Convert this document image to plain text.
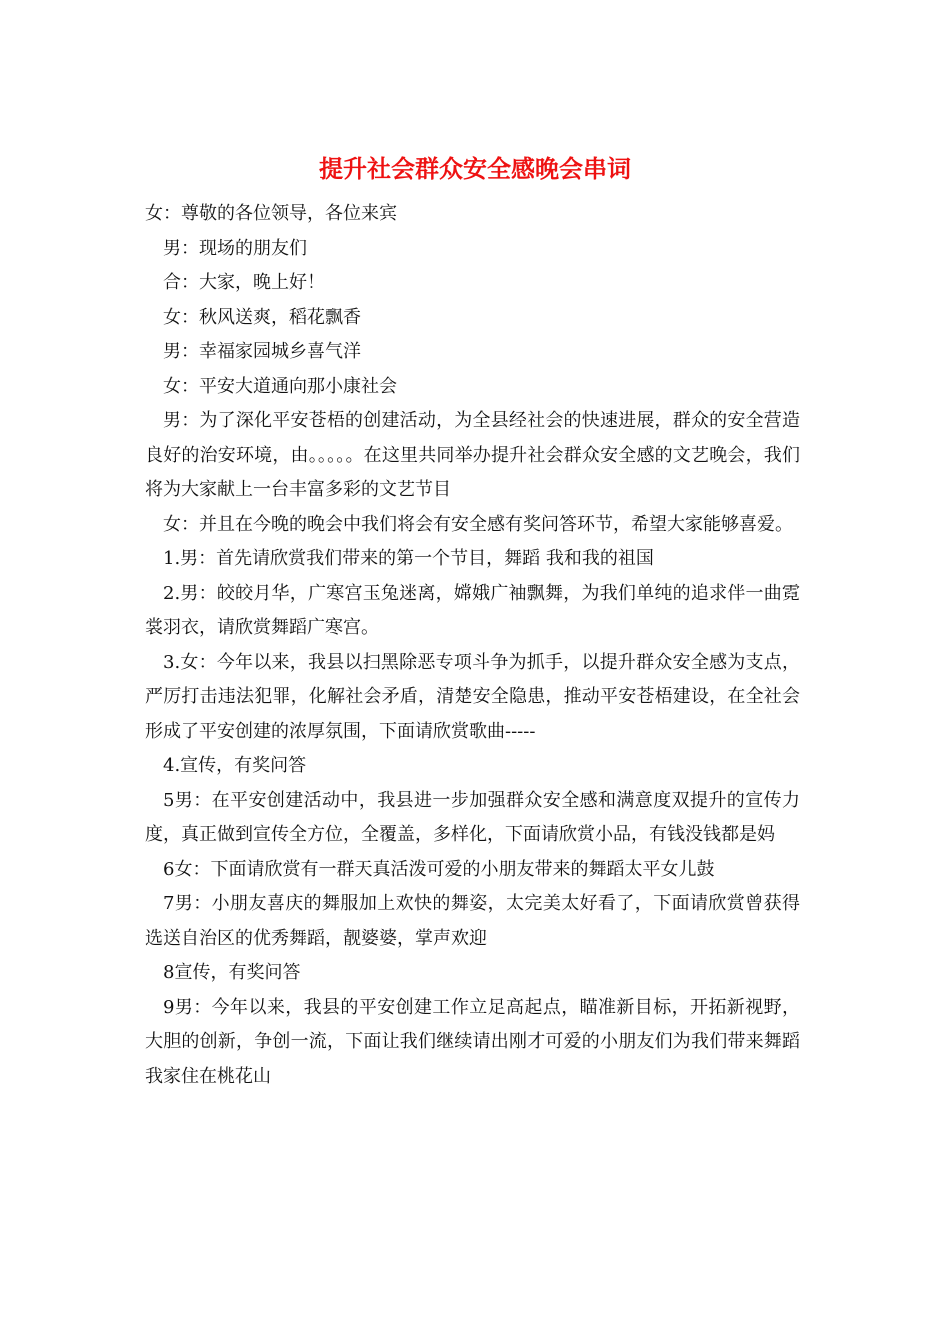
提升社会群众安全感晚会串词

女：尊敬的各位领导，各位来宾

男：现场的朋友们

合：大家，晚上好！

女：秋风送爽，稻花飘香

男：幸福家园城乡喜气洋

女：平安大道通向那小康社会

男：为了深化平安苍梧的创建活动，为全县经社会的快速进展，群众的安全营造良好的治安环境，由。。。。。在这里共同举办提升社会群众安全感的文艺晚会，我们将为大家献上一台丰富多彩的文艺节目

女：并且在今晚的晚会中我们将会有安全感有奖问答环节，希望大家能够喜爱。

1.男：首先请欣赏我们带来的第一个节目，舞蹈 我和我的祖国

2.男：皎皎月华，广寒宫玉兔迷离，嫦娥广袖飘舞，为我们单纯的追求伴一曲霓裳羽衣，请欣赏舞蹈广寒宫。

3.女：今年以来，我县以扫黑除恶专项斗争为抓手，以提升群众安全感为支点，严厉打击违法犯罪，化解社会矛盾，清楚安全隐患，推动平安苍梧建设，在全社会形成了平安创建的浓厚氛围，下面请欣赏歌曲-----

4.宣传，有奖问答

5男：在平安创建活动中，我县进一步加强群众安全感和满意度双提升的宣传力度，真正做到宣传全方位，全覆盖，多样化，下面请欣赏小品，有钱没钱都是妈

6女：下面请欣赏有一群天真活泼可爱的小朋友带来的舞蹈太平女儿鼓

7男：小朋友喜庆的舞服加上欢快的舞姿，太完美太好看了，下面请欣赏曾获得选送自治区的优秀舞蹈，靓婆婆，掌声欢迎

8宣传，有奖问答

9男：今年以来，我县的平安创建工作立足高起点，瞄准新目标，开拓新视野，大胆的创新，争创一流，下面让我们继续请出刚才可爱的小朋友们为我们带来舞蹈我家住在桃花山
